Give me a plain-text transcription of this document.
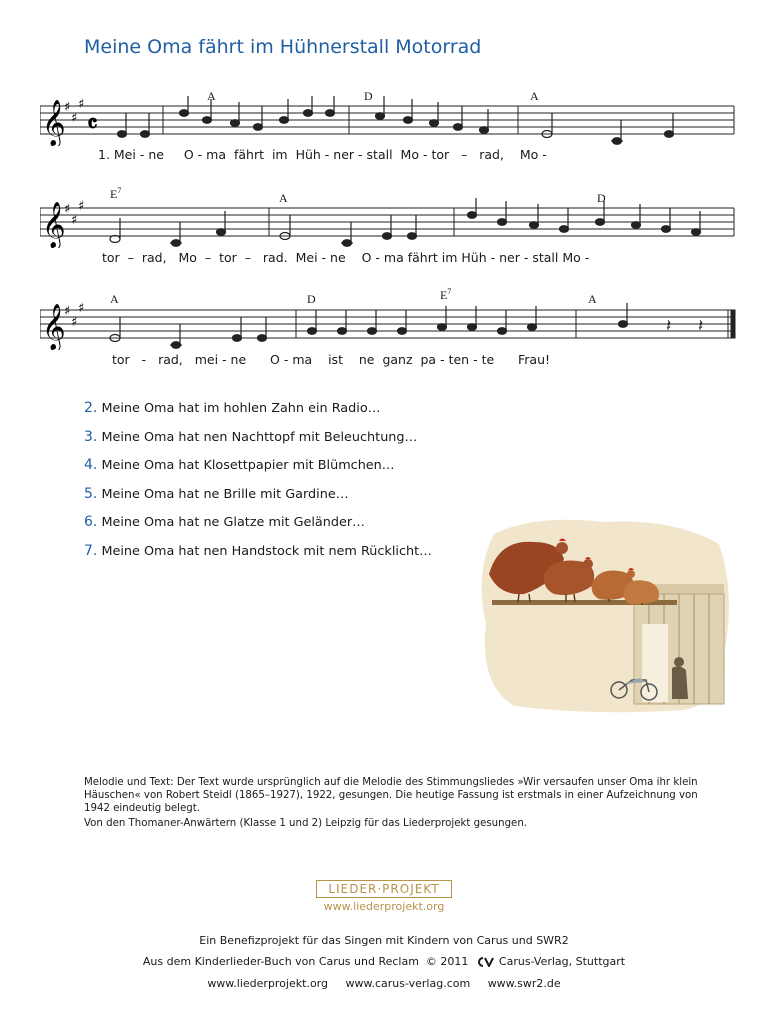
Meine Oma fährt im Hühnerstall Motorrad
A	D	A
𝄞
♯
♯
♯
𝄴
1. Mei - ne O - ma fährt im Hüh - ner - stall Mo - tor – rad, Mo -
$E^7$
A	D
𝄞
♯
♯
♯
tor – rad, Mo – tor – rad. Mei - ne O - ma fährt im Hüh - ner - stall Mo -
A	D	$E^7$
A
𝄞
♯
♯
♯
𝄽 𝄽
tor - rad, mei - ne O - ma ist ne ganz pa - ten - te Frau!
2. Meine Oma hat im hohlen Zahn ein Radio…
3. Meine Oma hat nen Nachttopf mit Beleuchtung…
4. Meine Oma hat Klosettpapier mit Blümchen…
5. Meine Oma hat ne Brille mit Gardine…
6. Meine Oma hat ne Glatze mit Geländer…
7. Meine Oma hat nen Handstock mit nem Rücklicht…

Melodie und Text: Der Text wurde ursprünglich auf die Melodie des Stimmungsliedes »Wir versaufen unser Oma ihr klein Häuschen« von Robert Steidl (1865–1927), 1922, gesungen. Die heutige Fassung ist erstmals in einer Aufzeichnung von 1942 eindeutig belegt.

Von den Thomaner-Anwärtern (Klasse 1 und 2) Leipzig für das Liederprojekt gesungen.

LIEDER·PROJEKT
www.liederprojekt.org
Ein Benefizprojekt für das Singen mit Kindern von Carus und SWR2
Aus dem Kinderlieder-Buch von Carus und Reclam © 2011	Carus-Verlag, Stuttgart
www.liederprojekt.org www.carus-verlag.com www.swr2.de
